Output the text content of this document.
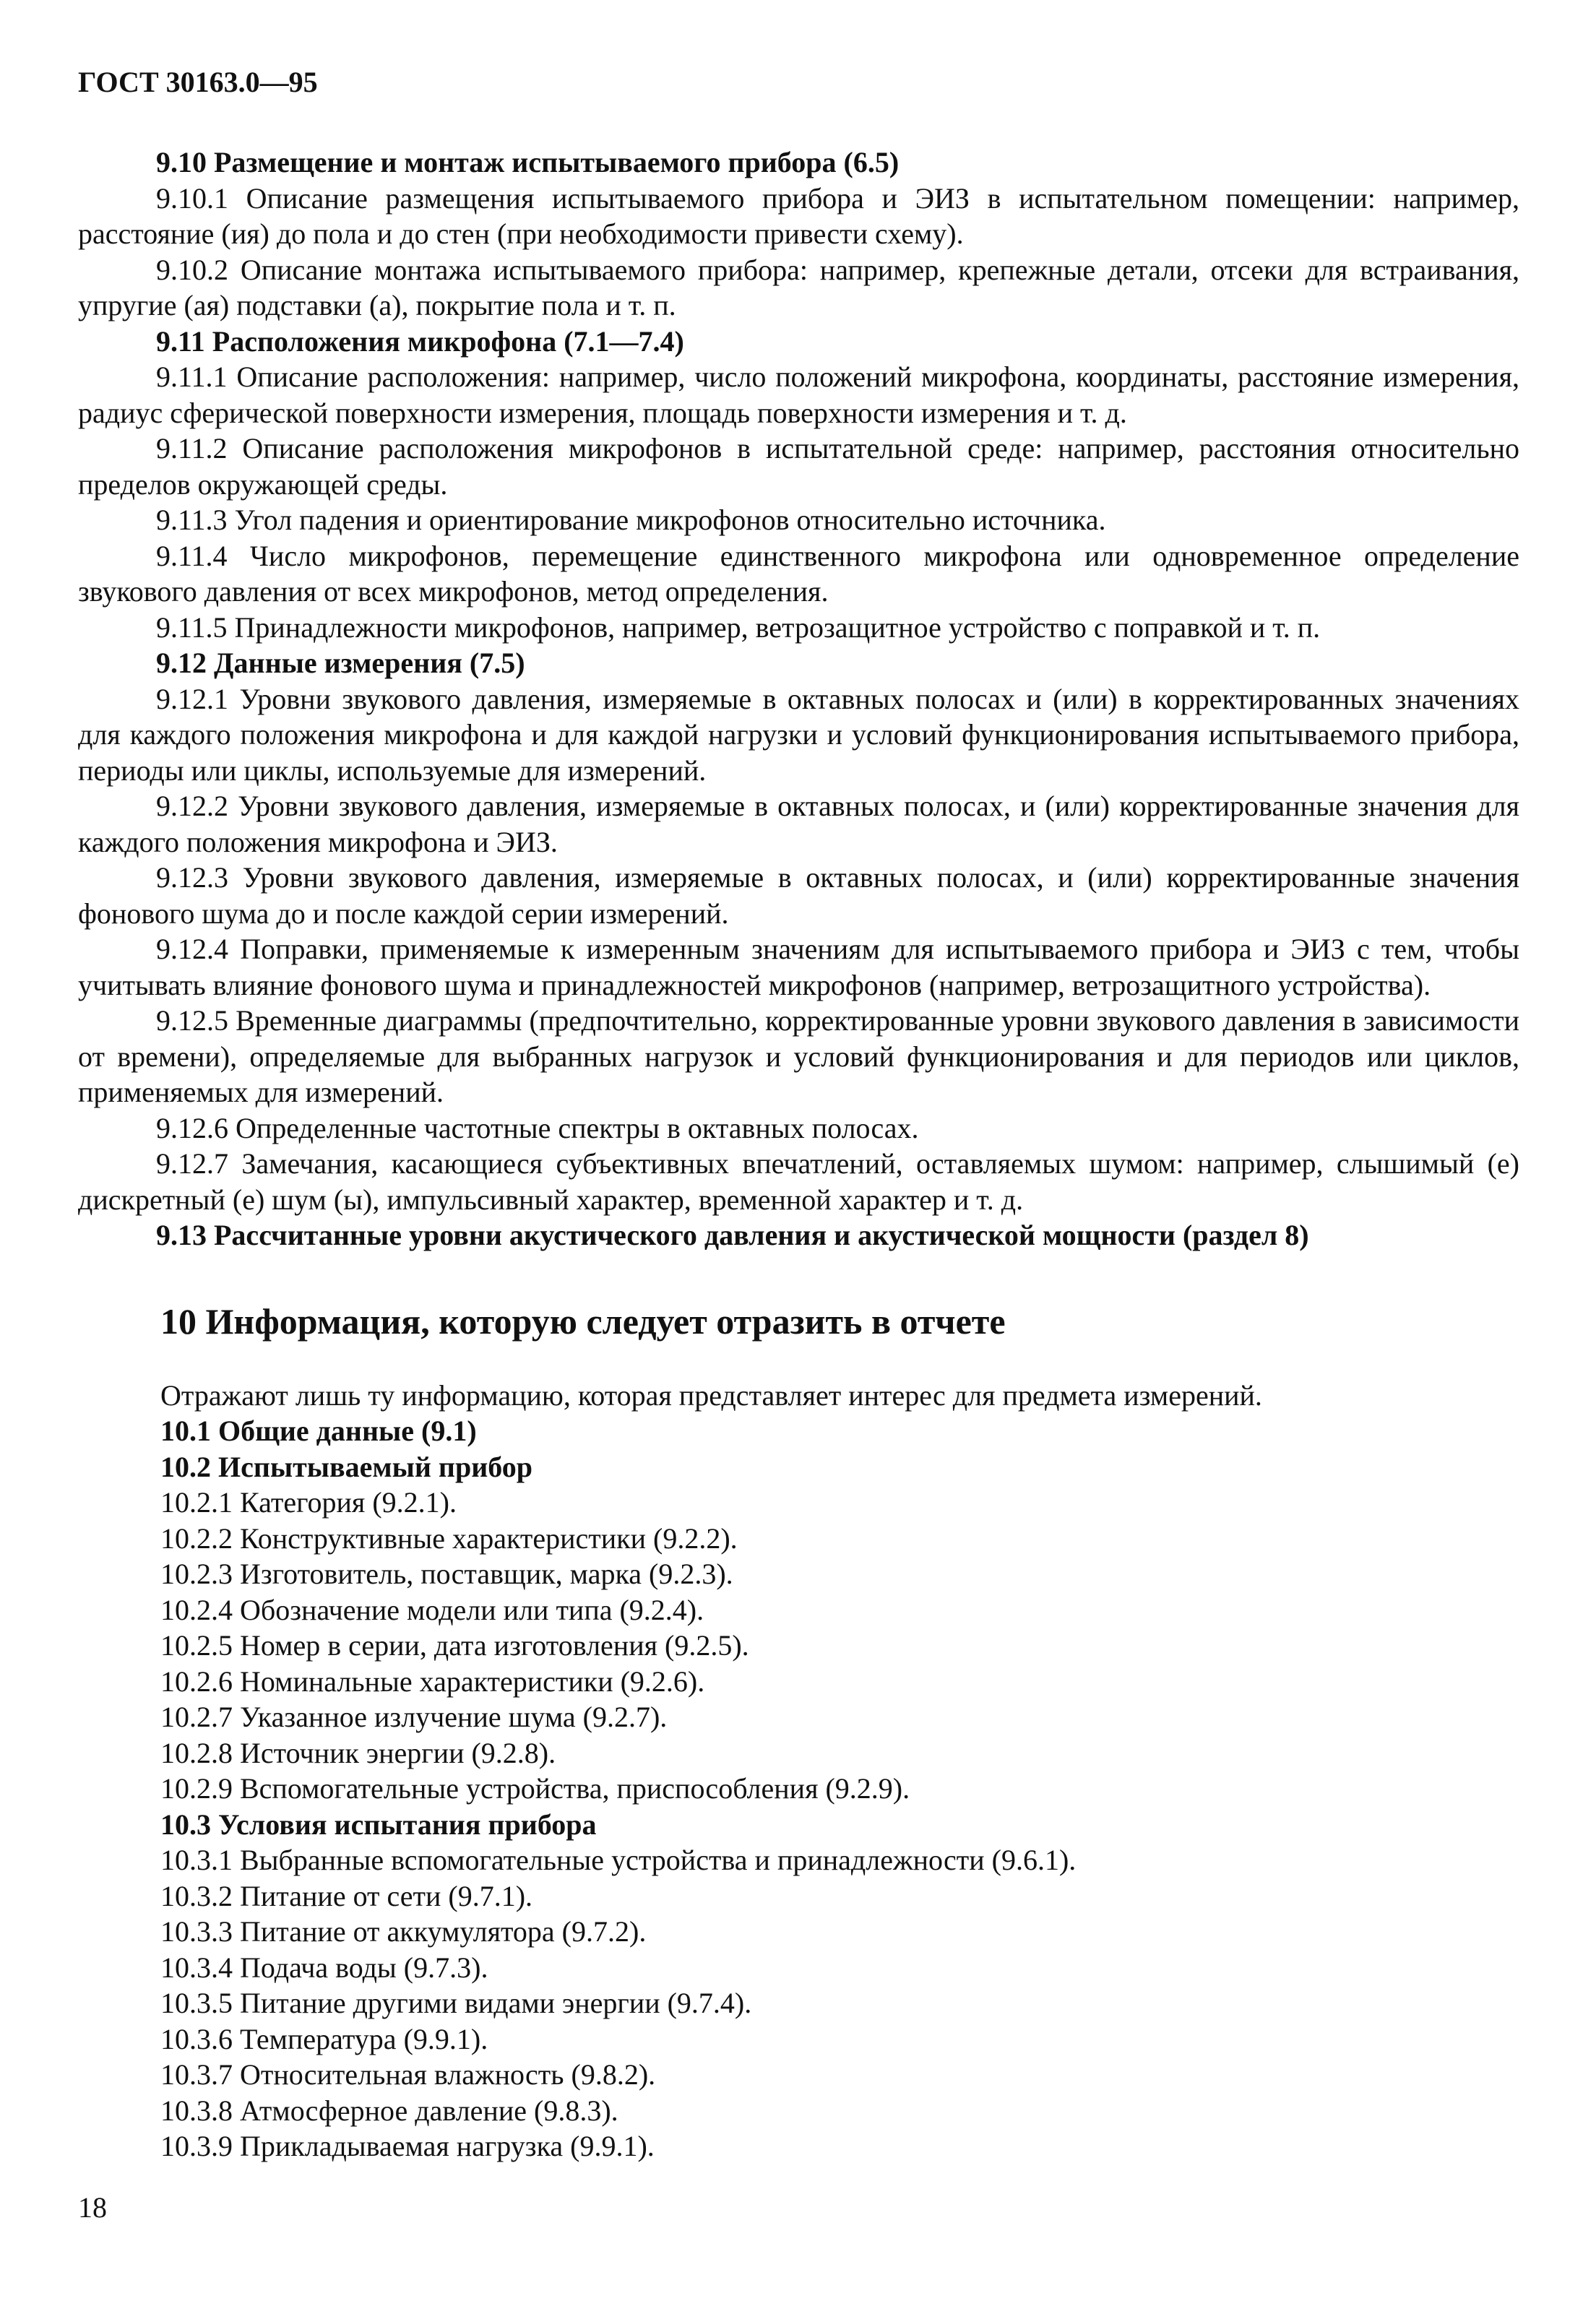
ГОСТ 30163.0—95

9.10 Размещение и монтаж испытываемого прибора (6.5)

9.10.1 Описание размещения испытываемого прибора и ЭИЗ в испытательном помещении: например, расстояние (ия) до пола и до стен (при необходимости привести схему).

9.10.2 Описание монтажа испытываемого прибора: например, крепежные детали, отсеки для встраивания, упругие (ая) подставки (а), покрытие пола и т. п.

9.11 Расположения микрофона (7.1—7.4)

9.11.1 Описание расположения: например, число положений микрофона, координаты, расстояние измерения, радиус сферической поверхности измерения, площадь поверхности измерения и т. д.

9.11.2 Описание расположения микрофонов в испытательной среде: например, расстояния относительно пределов окружающей среды.

9.11.3 Угол падения и ориентирование микрофонов относительно источника.

9.11.4 Число микрофонов, перемещение единственного микрофона или одновременное определение звукового давления от всех микрофонов, метод определения.

9.11.5 Принадлежности микрофонов, например, ветрозащитное устройство с поправкой и т. п.

9.12 Данные измерения (7.5)

9.12.1 Уровни звукового давления, измеряемые в октавных полосах и (или) в корректированных значениях для каждого положения микрофона и для каждой нагрузки и условий функционирования испытываемого прибора, периоды или циклы, используемые для измерений.

9.12.2 Уровни звукового давления, измеряемые в октавных полосах, и (или) корректированные значения для каждого положения микрофона и ЭИЗ.

9.12.3 Уровни звукового давления, измеряемые в октавных полосах, и (или) корректированные значения фонового шума до и после каждой серии измерений.

9.12.4 Поправки, применяемые к измеренным значениям для испытываемого прибора и ЭИЗ с тем, чтобы учитывать влияние фонового шума и принадлежностей микрофонов (например, ветрозащитного устройства).

9.12.5 Временные диаграммы (предпочтительно, корректированные уровни звукового давления в зависимости от времени), определяемые для выбранных нагрузок и условий функционирования и для периодов или циклов, применяемых для измерений.

9.12.6 Определенные частотные спектры в октавных полосах.

9.12.7 Замечания, касающиеся субъективных впечатлений, оставляемых шумом: например, слышимый (е) дискретный (е) шум (ы), импульсивный характер, временной характер и т. д.

9.13 Рассчитанные уровни акустического давления и акустической мощности (раздел 8)

10 Информация, которую следует отразить в отчете

Отражают лишь ту информацию, которая представляет интерес для предмета измерений.

10.1 Общие данные (9.1)

10.2 Испытываемый прибор

10.2.1 Категория (9.2.1).

10.2.2 Конструктивные характеристики (9.2.2).

10.2.3 Изготовитель, поставщик, марка (9.2.3).

10.2.4 Обозначение модели или типа (9.2.4).

10.2.5 Номер в серии, дата изготовления (9.2.5).

10.2.6 Номинальные характеристики (9.2.6).

10.2.7 Указанное излучение шума (9.2.7).

10.2.8 Источник энергии (9.2.8).

10.2.9 Вспомогательные устройства, приспособления (9.2.9).

10.3 Условия испытания прибора

10.3.1 Выбранные вспомогательные устройства и принадлежности (9.6.1).

10.3.2 Питание от сети (9.7.1).

10.3.3 Питание от аккумулятора (9.7.2).

10.3.4 Подача воды (9.7.3).

10.3.5 Питание другими видами энергии (9.7.4).

10.3.6 Температура (9.9.1).

10.3.7 Относительная влажность (9.8.2).

10.3.8 Атмосферное давление (9.8.3).

10.3.9 Прикладываемая нагрузка (9.9.1).

18
